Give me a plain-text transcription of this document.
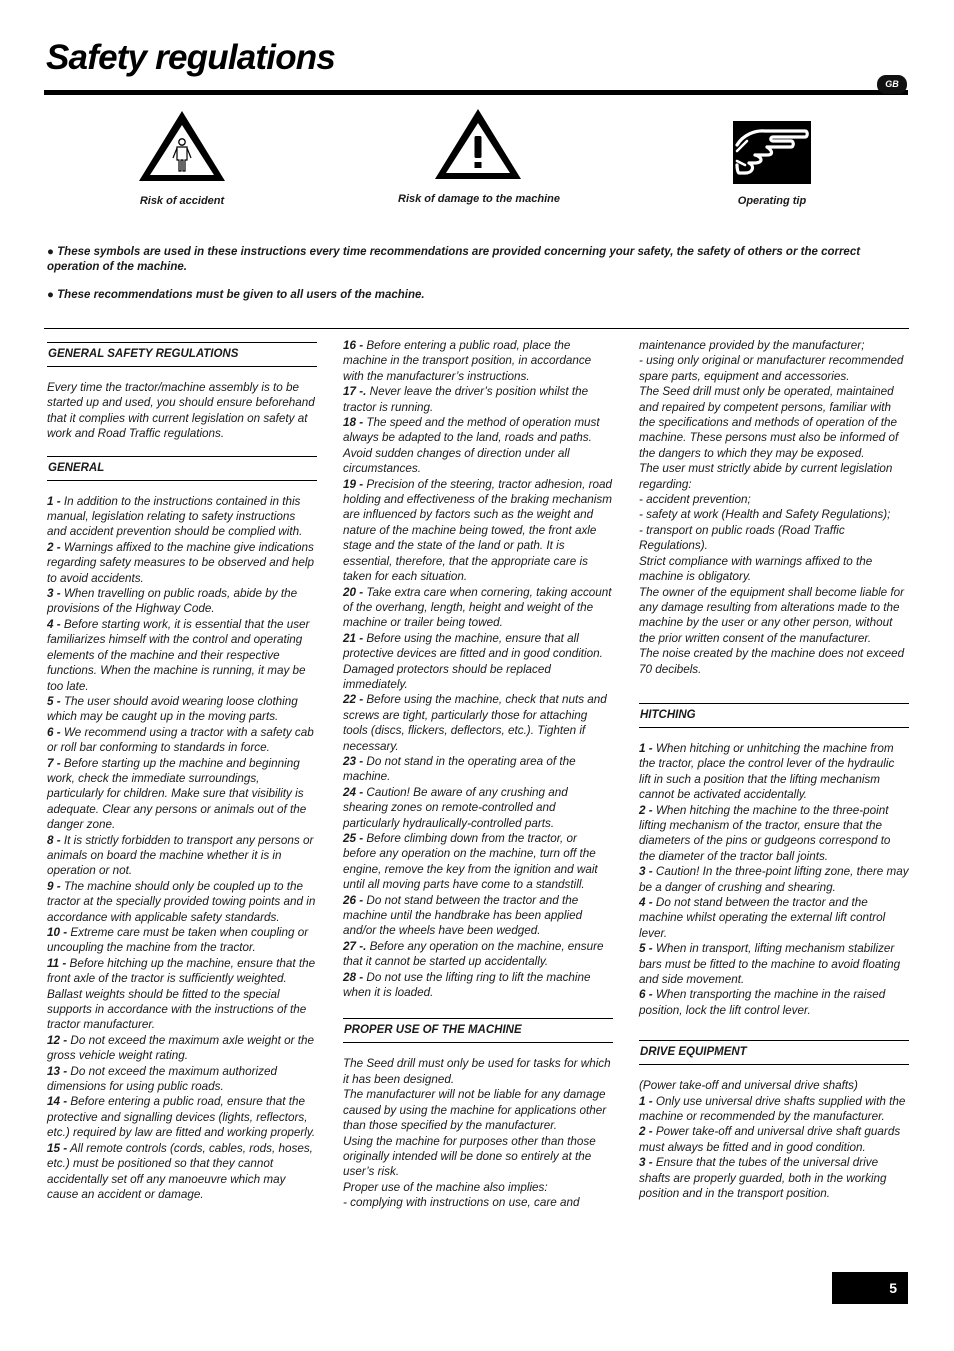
Safety regulations
GB
Risk of accident	Risk of damage to the machine	Operating tip
● These symbols are used in these instructions every time recommendations are provided concerning your safety, the safety of others or the correct operation of the machine.
● These recommendations must be given to all users of the machine.
GENERAL SAFETY REGULATIONS

Every time the tractor/machine assembly is to be started up and used, you should ensure beforehand that it complies with current legislation on safety at work and Road Traffic regulations.

GENERAL

1 - In addition to the instructions contained in this manual, legislation relating to safety instructions and accident prevention should be complied with.

2 - Warnings affixed to the machine give indications regarding safety measures to be observed and help to avoid accidents.

3 - When travelling on public roads, abide by the provisions of the Highway Code.

4 - Before starting work, it is essential that the user familiarizes himself with the control and operating elements of the machine and their respective functions. When the machine is running, it may be too late.

5 - The user should avoid wearing loose clothing which may be caught up in the moving parts.

6 - We recommend using a tractor with a safety cab or roll bar conforming to standards in force.

7 - Before starting up the machine and beginning work, check the immediate surroundings, particularly for children. Make sure that visibility is adequate. Clear any persons or animals out of the danger zone.

8 - It is strictly forbidden to transport any persons or animals on board the machine whether it is in operation or not.

9 - The machine should only be coupled up to the tractor at the specially provided towing points and in accordance with applicable safety standards.

10 - Extreme care must be taken when coupling or uncoupling the machine from the tractor.

11 - Before hitching up the machine, ensure that the front axle of the tractor is sufficiently weighted. Ballast weights should be fitted to the special supports in accordance with the instructions of the tractor manufacturer.

12 - Do not exceed the maximum axle weight or the gross vehicle weight rating.

13 - Do not exceed the maximum authorized dimensions for using public roads.

14 - Before entering a public road, ensure that the protective and signalling devices (lights, reflectors, etc.) required by law are fitted and working properly.

15 - All remote controls (cords, cables, rods, hoses, etc.) must be positioned so that they cannot accidentally set off any manoeuvre which may cause an accident or damage.

16 - Before entering a public road, place the machine in the transport position, in accordance with the manufacturer’s instructions.

17 -. Never leave the driver’s position whilst the tractor is running.

18 - The speed and the method of operation must always be adapted to the land, roads and paths. Avoid sudden changes of direction under all circumstances.

19 - Precision of the steering, tractor adhesion, road holding and effectiveness of the braking mechanism are influenced by factors such as the weight and nature of the machine being towed, the front axle stage and the state of the land or path. It is essential, therefore, that the appropriate care is taken for each situation.

20 - Take extra care when cornering, taking account of the overhang, length, height and weight of the machine or trailer being towed.

21 - Before using the machine, ensure that all protective devices are fitted and in good condition. Damaged protectors should be replaced immediately.

22 - Before using the machine, check that nuts and screws are tight, particularly those for attaching tools (discs, flickers, deflectors, etc.). Tighten if necessary.

23 - Do not stand in the operating area of the machine.

24 - Caution! Be aware of any crushing and shearing zones on remote-controlled and particularly hydraulically-controlled parts.

25 - Before climbing down from the tractor, or before any operation on the machine, turn off the engine, remove the key from the ignition and wait until all moving parts have come to a standstill.

26 - Do not stand between the tractor and the machine until the handbrake has been applied and/or the wheels have been wedged.

27 -. Before any operation on the machine, ensure that it cannot be started up accidentally.

28 - Do not use the lifting ring to lift the machine when it is loaded.

PROPER USE OF THE MACHINE

The Seed drill must only be used for tasks for which it has been designed.

The manufacturer will not be liable for any damage caused by using the machine for applications other than those specified by the manufacturer.

Using the machine for purposes other than those originally intended will be done so entirely at the user’s risk.

Proper use of the machine also implies:

- complying with instructions on use, care and

maintenance provided by the manufacturer;

- using only original or manufacturer recommended spare parts, equipment and accessories.

The Seed drill must only be operated, maintained and repaired by competent persons, familiar with the specifications and methods of operation of the machine. These persons must also be informed of the dangers to which they may be exposed.

The user must strictly abide by current legislation regarding:

- accident prevention;

- safety at work (Health and Safety Regulations);

- transport on public roads (Road Traffic Regulations).

Strict compliance with warnings affixed to the machine is obligatory.

The owner of the equipment shall become liable for any damage resulting from alterations made to the machine by the user or any other person, without the prior written consent of the manufacturer.

The noise created by the machine does not exceed 70 decibels.

HITCHING

1 - When hitching or unhitching the machine from the tractor, place the control lever of the hydraulic lift in such a position that the lifting mechanism cannot be activated accidentally.

2 - When hitching the machine to the three-point lifting mechanism of the tractor, ensure that the diameters of the pins or gudgeons correspond to the diameter of the tractor ball joints.

3 - Caution! In the three-point lifting zone, there may be a danger of crushing and shearing.

4 - Do not stand between the tractor and the machine whilst operating the external lift control lever.

5 - When in transport, lifting mechanism stabilizer bars must be fitted to the machine to avoid floating and side movement.

6 - When transporting the machine in the raised position, lock the lift control lever.

DRIVE EQUIPMENT

(Power take-off and universal drive shafts)

1 - Only use universal drive shafts supplied with the machine or recommended by the manufacturer.

2 - Power take-off and universal drive shaft guards must always be fitted and in good condition.

3 - Ensure that the tubes of the universal drive shafts are properly guarded, both in the working position and in the transport position.

5
